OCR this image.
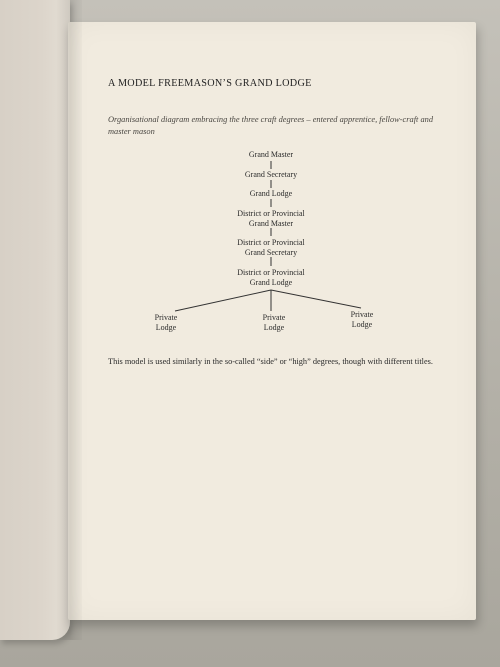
A MODEL FREEMASON’S GRAND LODGE
Organisational diagram embracing the three craft degrees – entered apprentice, fellow-craft and master mason
Grand Master
Grand Secretary
Grand Lodge
District or Provincial
Grand Master
District or Provincial
Grand Secretary
District or Provincial
Grand Lodge
Private
Lodge
Private
Lodge
Private
Lodge
This model is used similarly in the so-called “side” or “high” degrees, though with different titles.
